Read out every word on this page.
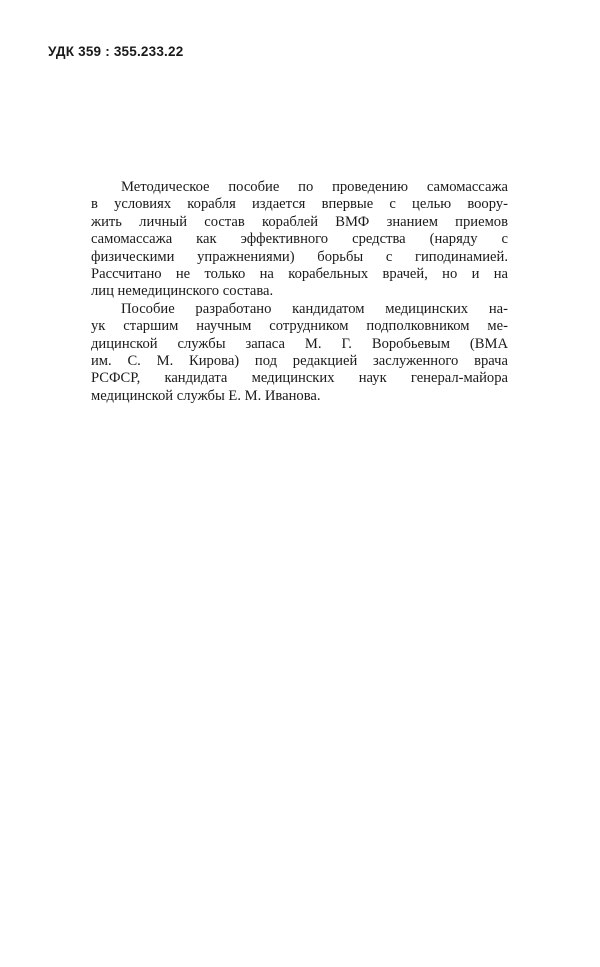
УДК 359 : 355.233.22
Методическое пособие по проведению самомассажа
в условиях корабля издается впервые с целью воору-
жить личный состав кораблей ВМФ знанием приемов
самомассажа как эффективного средства (наряду с
физическими упражнениями) борьбы с гиподинамией.
Рассчитано не только на корабельных врачей, но и на
лиц немедицинского состава.
Пособие разработано кандидатом медицинских на-
ук старшим научным сотрудником подполковником ме-
дицинской службы запаса М. Г. Воробьевым (ВМА
им. С. М. Кирова) под редакцией заслуженного врача
РСФСР, кандидата медицинских наук генерал-майора
медицинской службы Е. М. Иванова.
